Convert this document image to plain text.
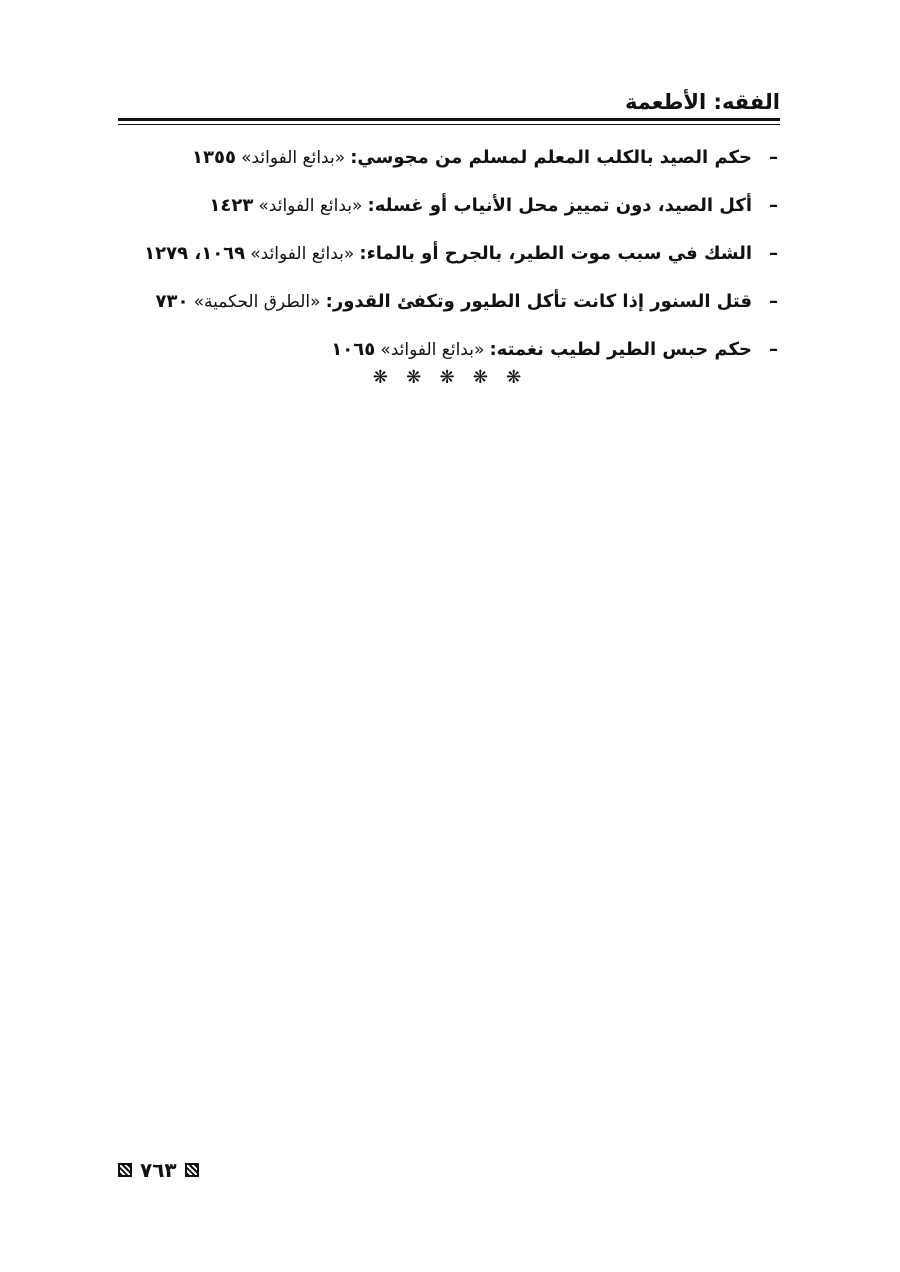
الفقه: الأطعمة
–
حكم الصيد بالكلب المعلم لمسلم من مجوسي: «بدائع الفوائد» ١٣٥٥
–
أكل الصيد، دون تمييز محل الأنياب أو غسله: «بدائع الفوائد» ١٤٢٣
–
الشك في سبب موت الطير، بالجرح أو بالماء: «بدائع الفوائد» ١٠٦٩، ١٢٧٩
–
قتل السنور إذا كانت تأكل الطيور وتكفئ القدور: «الطرق الحكمية» ٧٣٠
–
حكم حبس الطير لطيب نغمته: «بدائع الفوائد» ١٠٦٥
❋ ❋ ❋ ❋ ❋
٧٦٣
